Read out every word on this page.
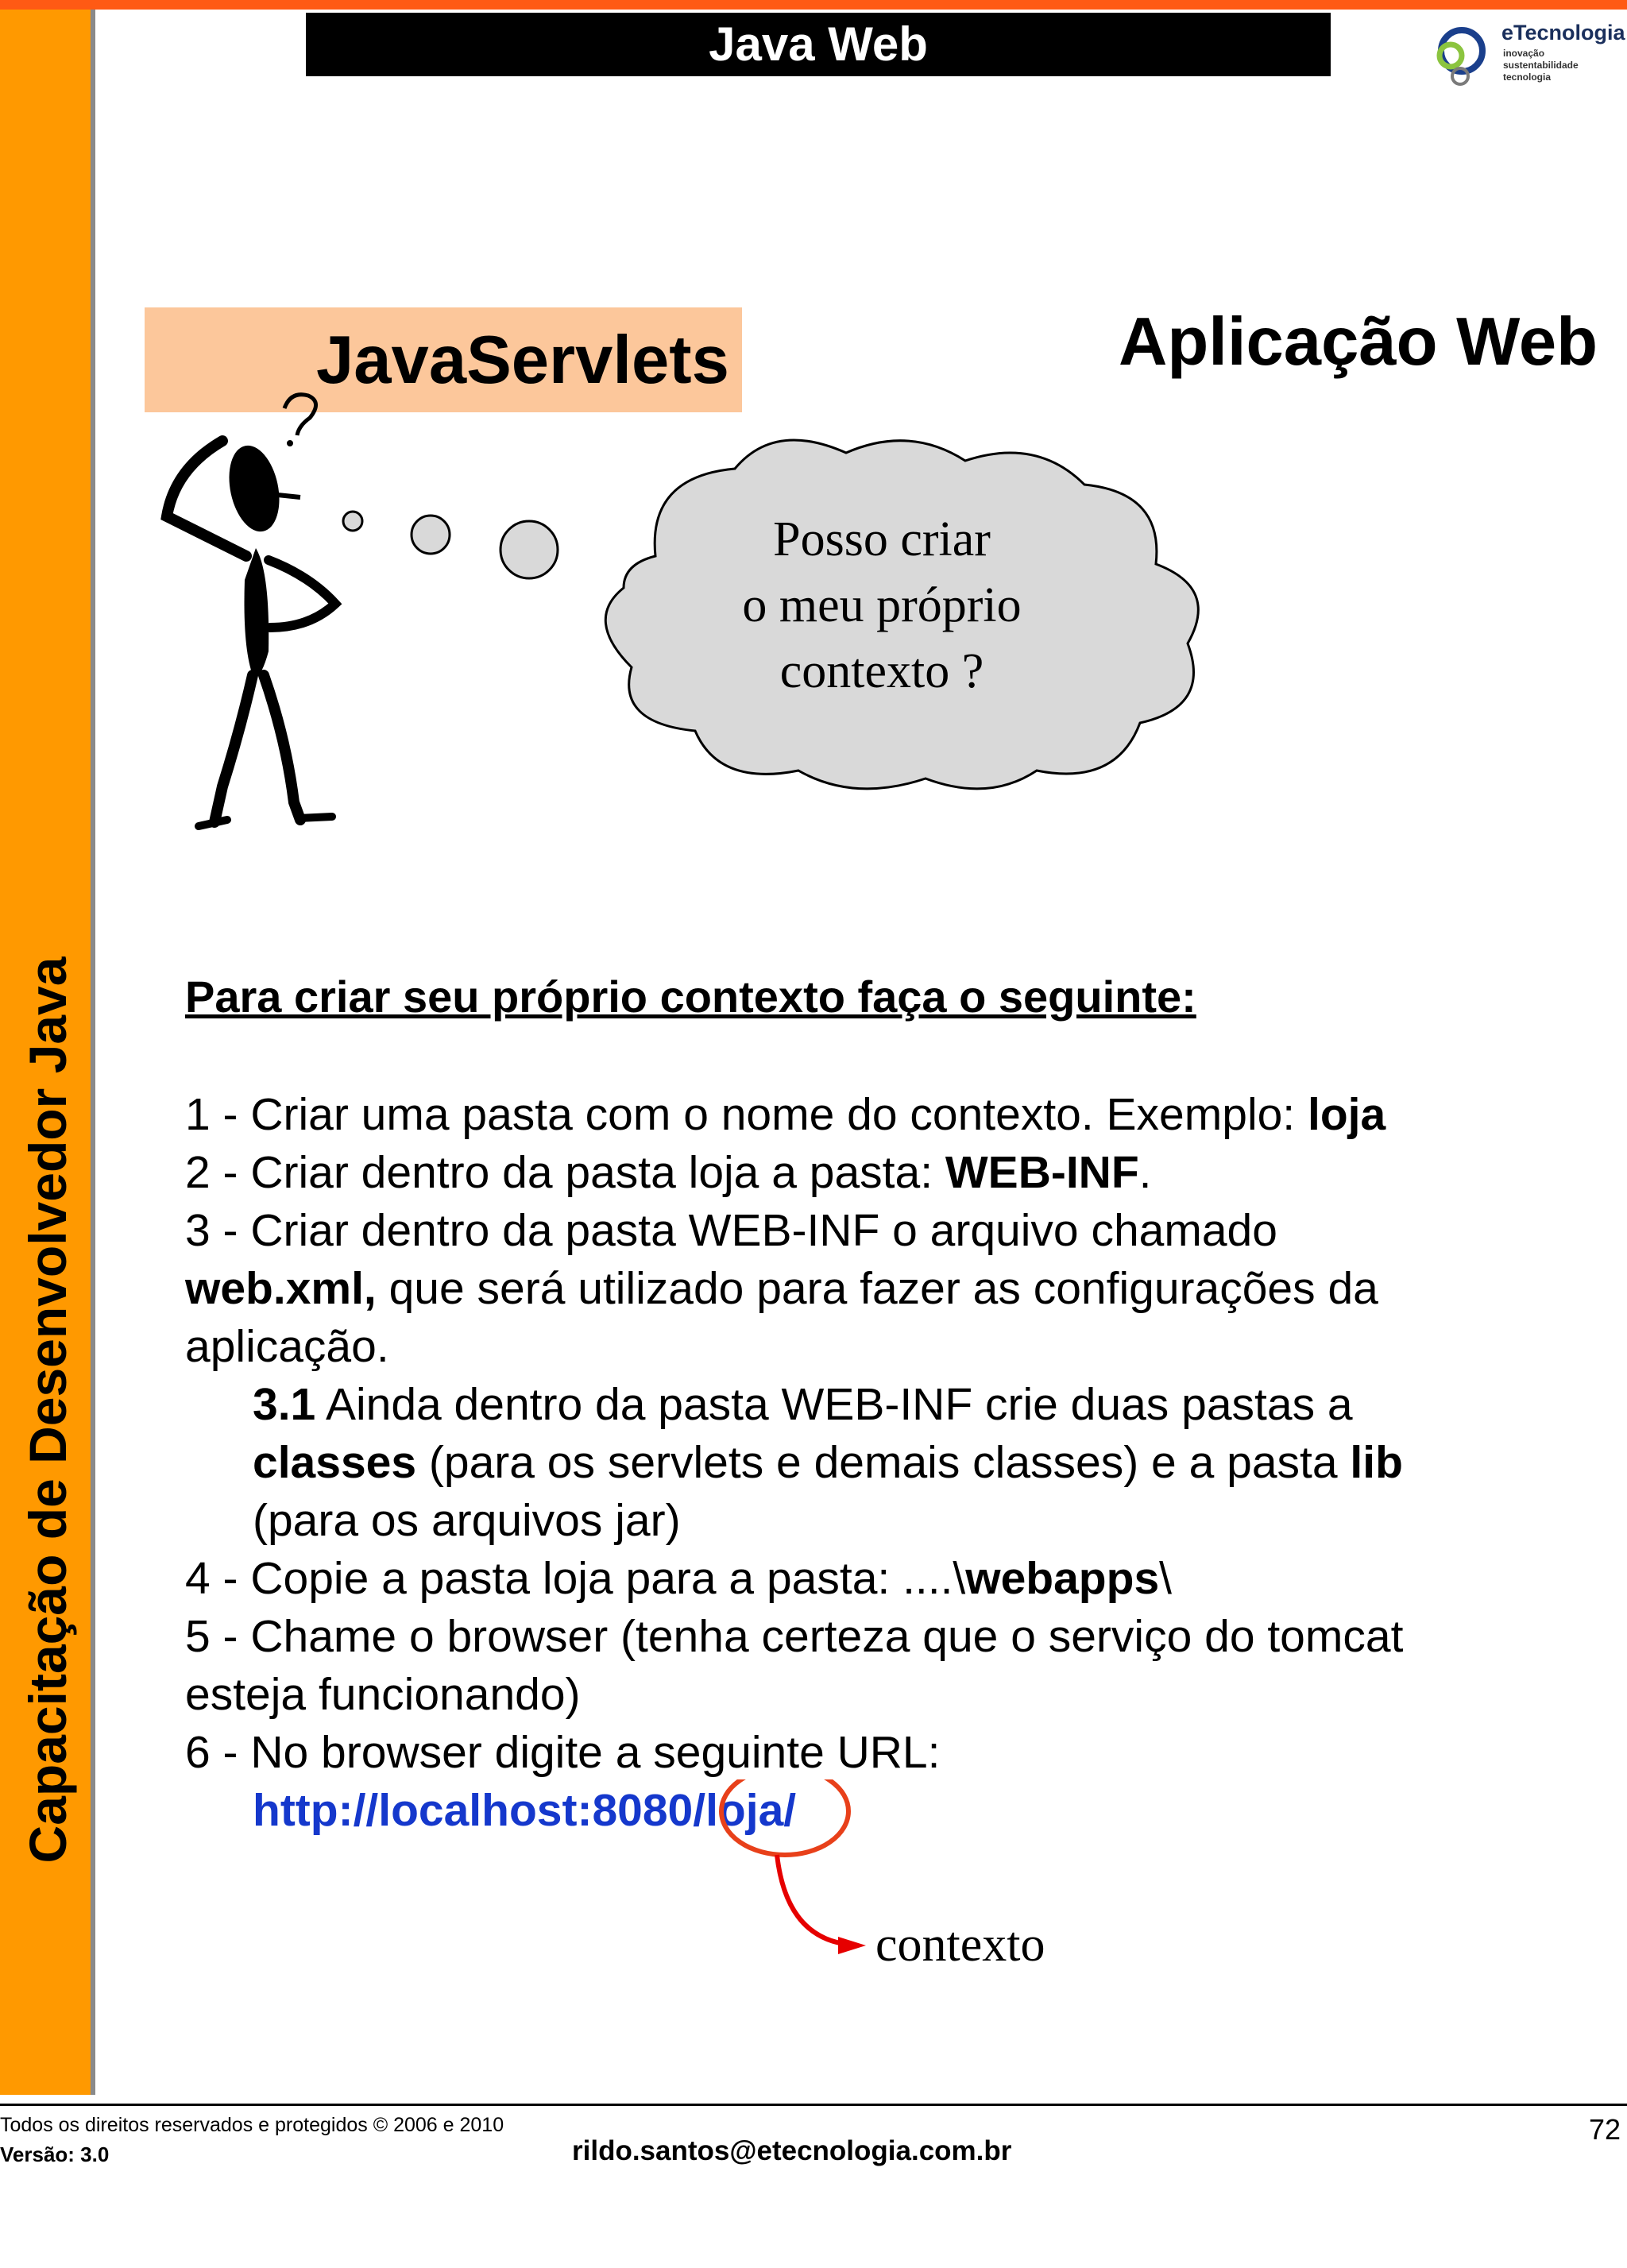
Capacitação de Desenvolvedor Java
Java Web	eTecnologia
inovação
sustentabilidade
tecnologia
JavaServlets	Aplicação Web
Posso criar
o meu próprio
contexto ?
Para criar seu próprio contexto faça o seguinte:
1 - Criar uma pasta com o nome do contexto. Exemplo: loja
2 - Criar dentro da pasta loja a pasta: WEB-INF.
3 - Criar dentro da pasta WEB-INF o arquivo chamado
web.xml, que será utilizado para fazer as configurações da
aplicação.
3.1 Ainda dentro da pasta WEB-INF crie duas pastas a
classes (para os servlets e demais classes) e a pasta lib
(para os arquivos jar)
4 - Copie a pasta loja para a pasta: ....\webapps\
5 - Chame o browser (tenha certeza que o serviço do tomcat
esteja funcionando)
6 - No browser digite a seguinte URL:
http://localhost:8080/loja/
contexto
Todos os direitos reservados e protegidos © 2006 e 2010
Versão: 3.0	rildo.santos@etecnologia.com.br
72
